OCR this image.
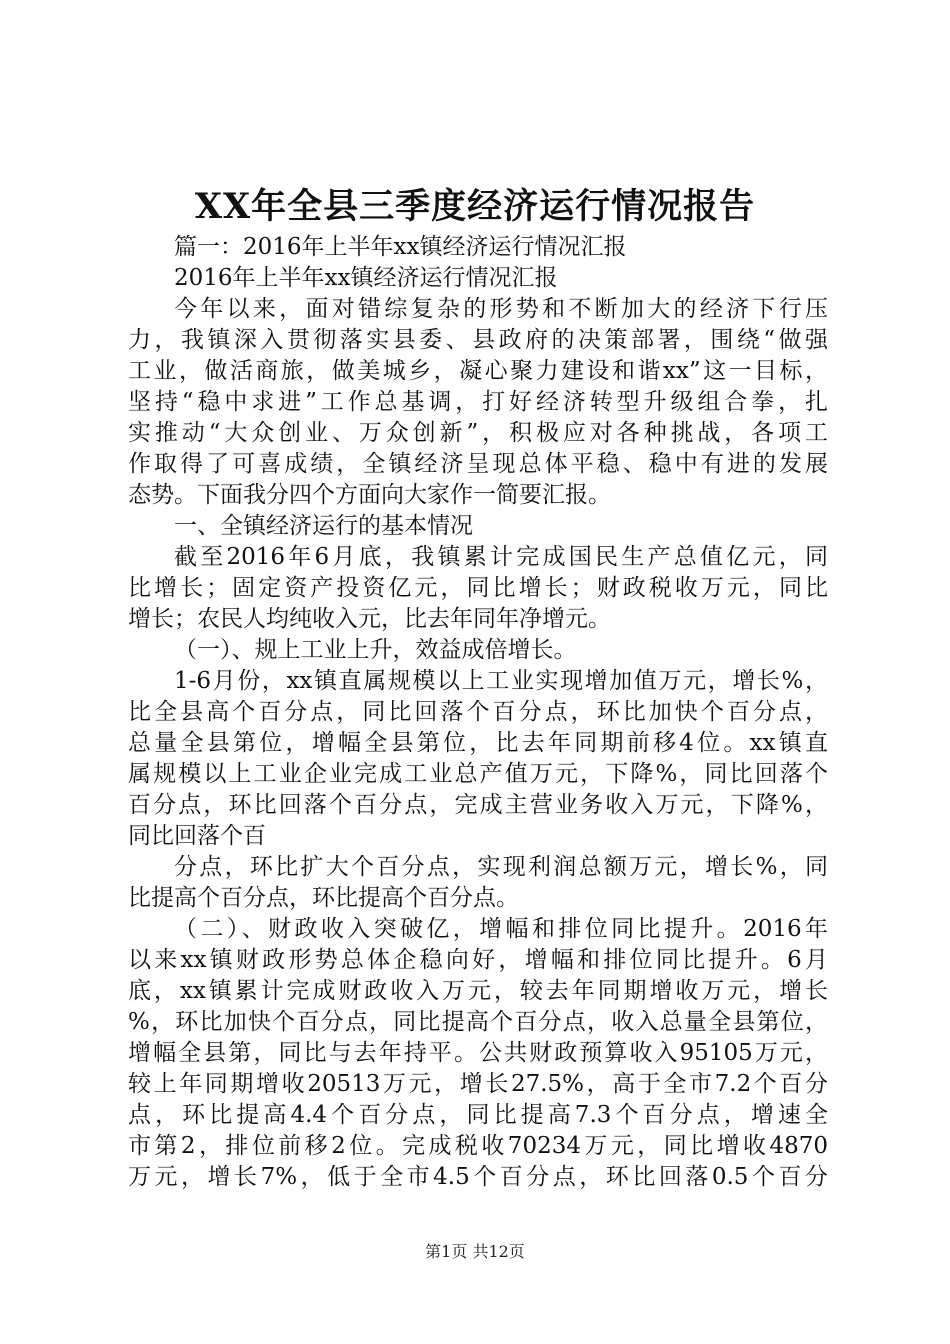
XX年全县三季度经济运行情况报告

篇一：2016年上半年xx镇经济运行情况汇报

2016年上半年xx镇经济运行情况汇报

今年以来，面对错综复杂的形势和不断加大的经济下行压

力，我镇深入贯彻落实县委、县政府的决策部署，围绕“做强

工业，做活商旅，做美城乡，凝心聚力建设和谐xx”这一目标，

坚持“稳中求进”工作总基调，打好经济转型升级组合拳，扎

实推动“大众创业、万众创新”，积极应对各种挑战，各项工

作取得了可喜成绩，全镇经济呈现总体平稳、稳中有进的发展

态势。下面我分四个方面向大家作一简要汇报。

一、全镇经济运行的基本情况

截至2016年6月底，我镇累计完成国民生产总值亿元，同

比增长；固定资产投资亿元，同比增长；财政税收万元，同比

增长；农民人均纯收入元，比去年同年净增元。

（一）、规上工业上升，效益成倍增长。

1-6月份，xx镇直属规模以上工业实现增加值万元，增长%，

比全县高个百分点，同比回落个百分点，环比加快个百分点，

总量全县第位，增幅全县第位，比去年同期前移4位。xx镇直

属规模以上工业企业完成工业总产值万元，下降%，同比回落个

百分点，环比回落个百分点，完成主营业务收入万元，下降%，

同比回落个百

分点，环比扩大个百分点，实现利润总额万元，增长%，同

比提高个百分点，环比提高个百分点。

（二）、财政收入突破亿，增幅和排位同比提升。2016年

以来xx镇财政形势总体企稳向好，增幅和排位同比提升。6月

底，xx镇累计完成财政收入万元，较去年同期增收万元，增长

%，环比加快个百分点，同比提高个百分点，收入总量全县第位，

增幅全县第，同比与去年持平。公共财政预算收入95105万元，

较上年同期增收20513万元，增长27.5%，高于全市7.2个百分

点，环比提高4.4个百分点，同比提高7.3个百分点，增速全

市第2，排位前移2位。完成税收70234万元，同比增收4870

万元，增长7%，低于全市4.5个百分点，环比回落0.5个百分

第1页 共12页
